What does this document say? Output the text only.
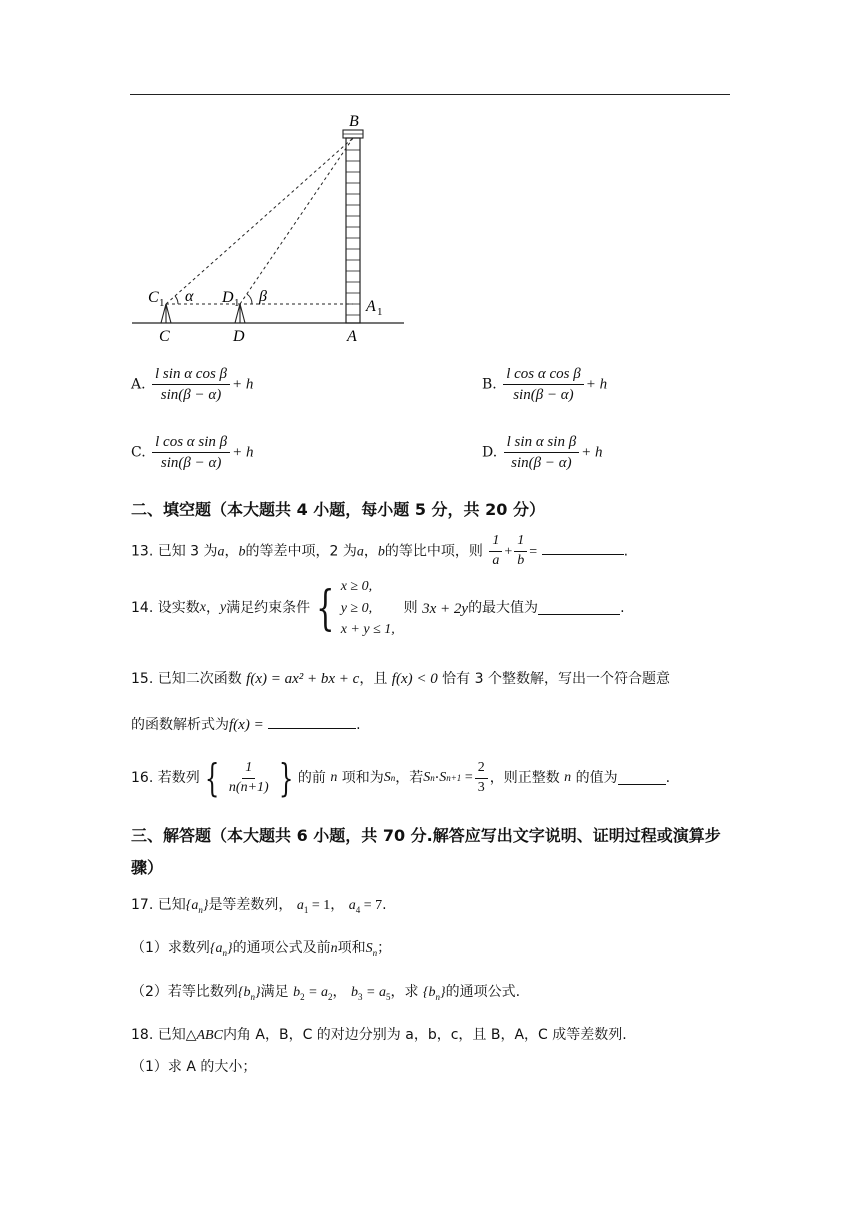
B
C 1 α D 1 β
A 1
C	D	A
A. $\frac{\text{l sin α cos β}}{\sin(\beta - \alpha)} + h$	B. $\frac{\text{l cos α cos β}}{\sin(\beta - \alpha)} + h$
C. $\frac{\text{l cos α sin β}}{\sin(\beta - \alpha)} + h$	D. $\frac{\text{l sin α sin β}}{\sin(\beta - \alpha)} + h$
二、填空题（本大题共 4 小题，每小题 5 分，共 20 分）
13. 已知 3 为a，b的等差中项，2 为a，b的等比中项，则 $\frac{1}{a} + \frac{1}{b}$ =	.
14.
设实数 x ， y 满足约束条件 { x ≥ 0,
y ≥ 0,
x + y ≤ 1,

则
3x + 2y 的最大值为	.
15. 已知二次函数 f(x) = ax² + bx + c，且 f(x) < 0 恰有 3 个整数解，写出一个符合题意
的函数解析式为f(x) =	.
16.
若数列 { $\frac{1}{n(n+1)}$ } 的前
n
项和为 S n ，若 S n · S n+1
= $\frac{2}{3}$ ，则正整数
n
的值为	.
三、解答题（本大题共 6 小题，共 70 分.解答应写出文字说明、证明过程或演算步
骤）
17. 已知$\{a_n\}$是等差数列， $a_1 = 1$， $a_4 = 7$.
（1）求数列$\{a_n\}$的通项公式及前n项和$S_n$；
（2）若等比数列$\{b_n\}$满足 $b_2 = a_2$， $b_3 = a_5$，求 $\{b_n\}$的通项公式.
18. 已知△ABC内角 A，B，C 的对边分别为 a，b，c，且 B，A，C 成等差数列.
（1）求 A 的大小；
